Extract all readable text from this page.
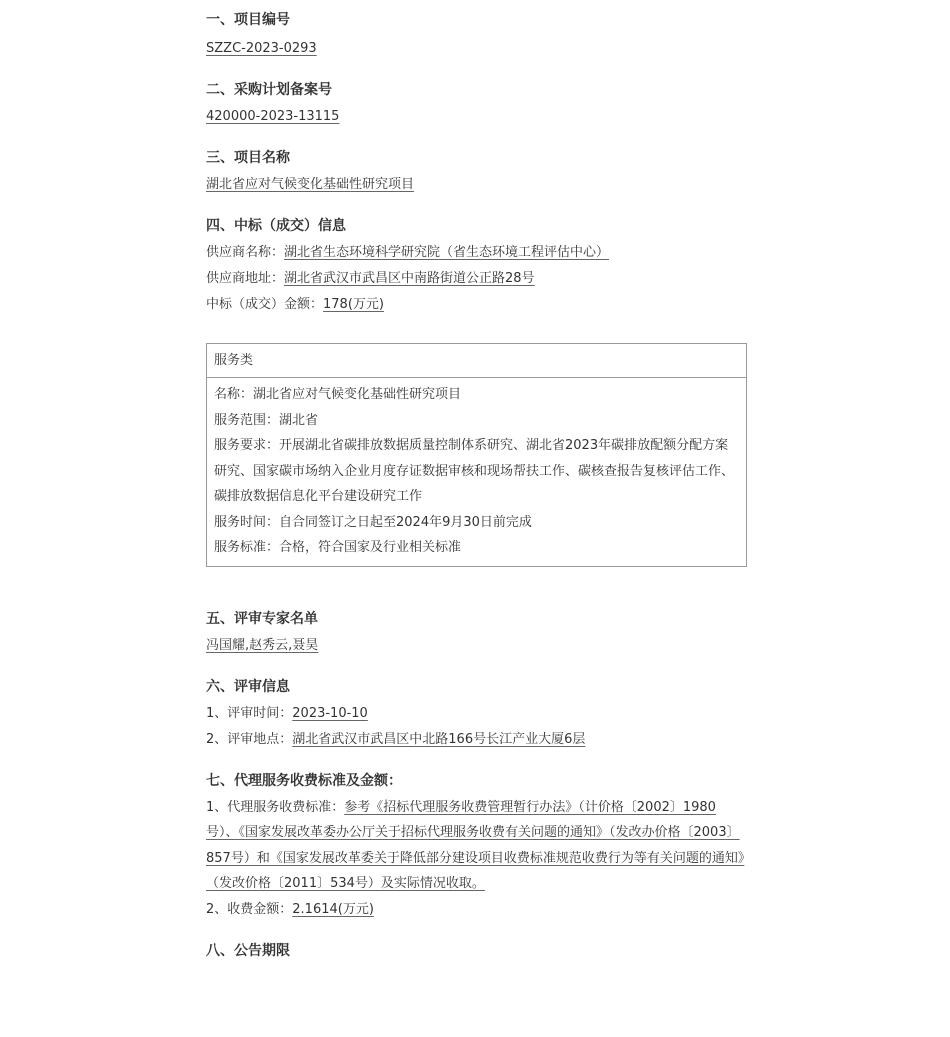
一、项目编号

SZZC-2023-0293

二、采购计划备案号

420000-2023-13115

三、项目名称

湖北省应对气候变化基础性研究项目

四、中标（成交）信息

供应商名称：湖北省生态环境科学研究院（省生态环境工程评估中心）

供应商地址：湖北省武汉市武昌区中南路街道公正路28号

中标（成交）金额：178(万元)

服务类

名称：湖北省应对气候变化基础性研究项目

服务范围：湖北省

服务要求：开展湖北省碳排放数据质量控制体系研究、湖北省2023年碳排放配额分配方案研究、国家碳市场纳入企业月度存证数据审核和现场帮扶工作、碳核查报告复核评估工作、碳排放数据信息化平台建设研究工作

服务时间：自合同签订之日起至2024年9月30日前完成

服务标准：合格，符合国家及行业相关标准

五、评审专家名单

冯国耀,赵秀云,聂昊

六、评审信息

1、评审时间：2023-10-10

2、评审地点：湖北省武汉市武昌区中北路166号长江产业大厦6层

七、代理服务收费标准及金额：

1、代理服务收费标准：参考《招标代理服务收费管理暂行办法》（计价格〔2002〕1980号）、《国家发展改革委办公厅关于招标代理服务收费有关问题的通知》（发改办价格〔2003〕857号）和《国家发展改革委关于降低部分建设项目收费标准规范收费行为等有关问题的通知》（发改价格〔2011〕534号）及实际情况收取。

2、收费金额：2.1614(万元)

八、公告期限
